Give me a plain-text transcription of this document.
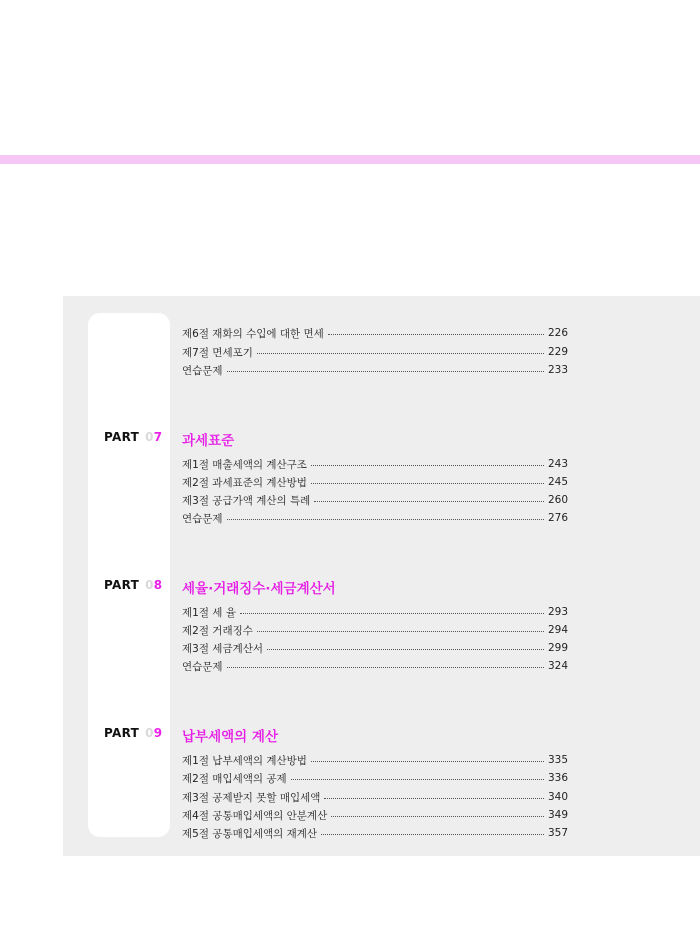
제6절 재화의 수입에 대한 면세	226
제7절 면세포기	229
연습문제	233
PART 07 과세표준
제1절 매출세액의 계산구조	243
제2절 과세표준의 계산방법	245
제3절 공급가액 계산의 특례	260
연습문제	276
PART 08 세율·거래징수·세금계산서
제1절 세 율	293
제2절 거래징수	294
제3절 세금계산서	299
연습문제	324
PART 09 납부세액의 계산
제1절 납부세액의 계산방법	335
제2절 매입세액의 공제	336
제3절 공제받지 못할 매입세액	340
제4절 공통매입세액의 안분계산	349
제5절 공통매입세액의 재계산	357
